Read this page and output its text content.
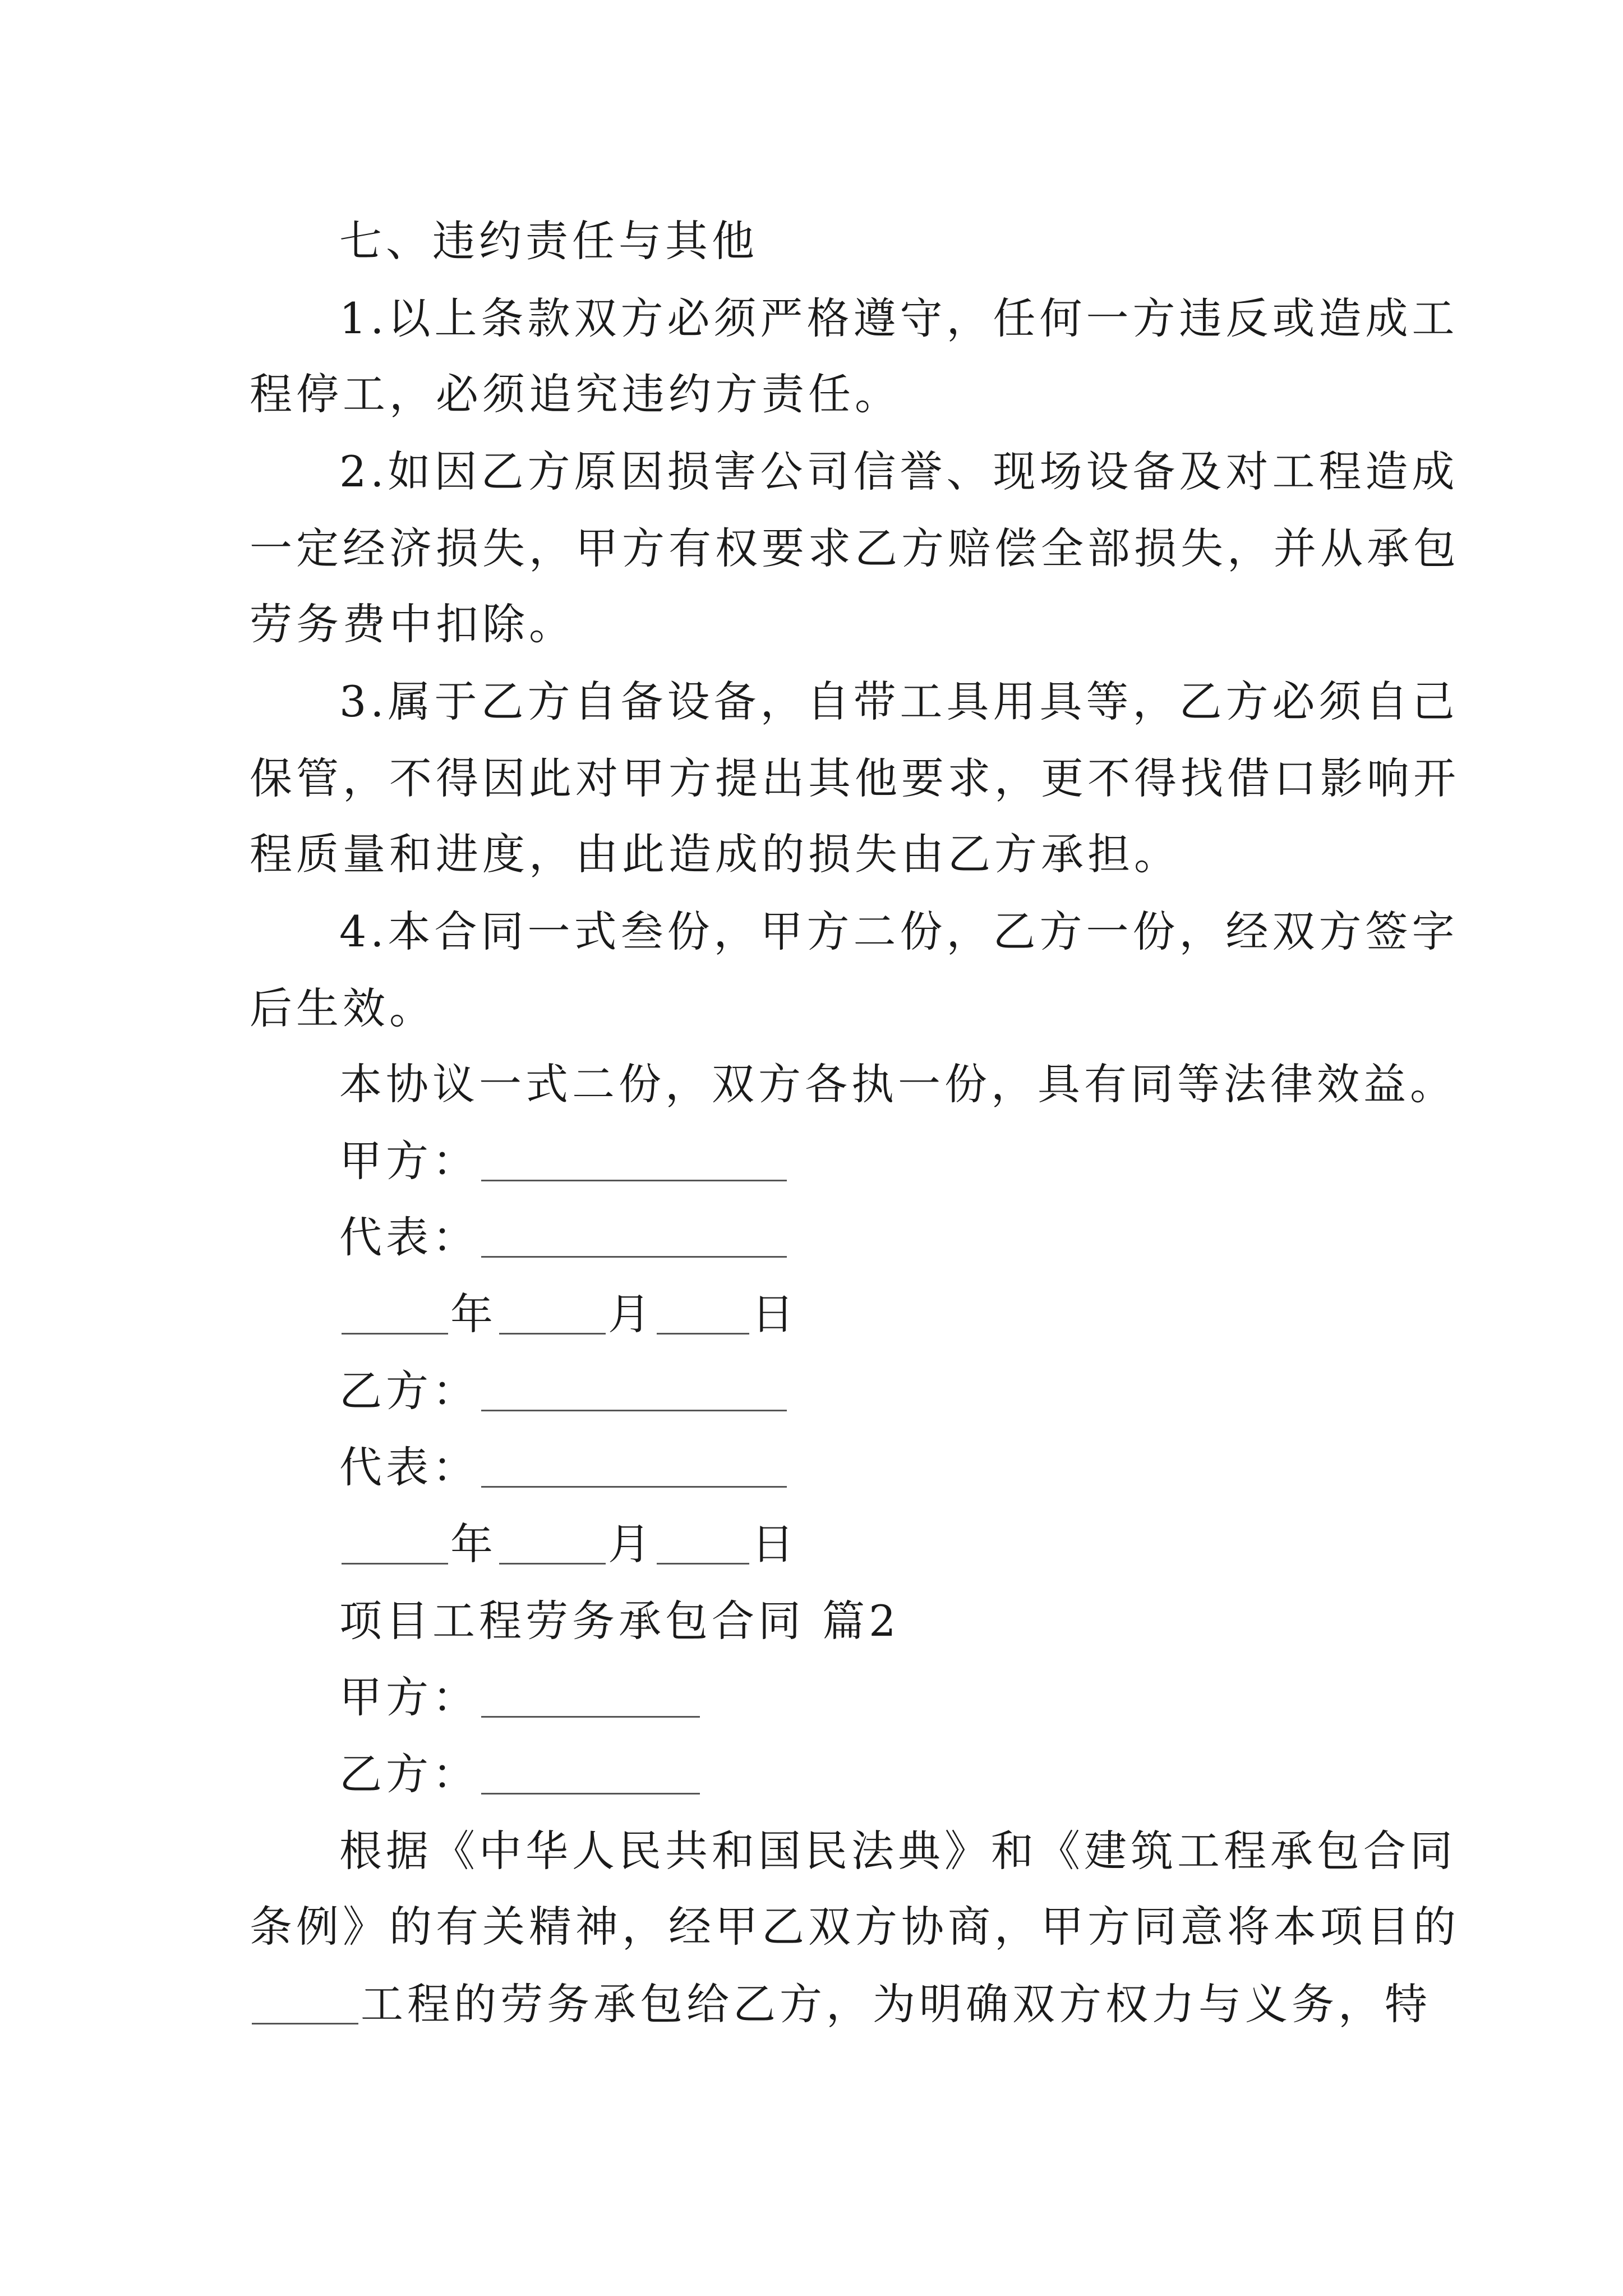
七、违约责任与其他
1.以上条款双方必须严格遵守，任何一方违反或造成工
程停工，必须追究违约方责任。
2.如因乙方原因损害公司信誉、现场设备及对工程造成
一定经济损失，甲方有权要求乙方赔偿全部损失，并从承包
劳务费中扣除。
3.属于乙方自备设备，自带工具用具等，乙方必须自己
保管，不得因此对甲方提出其他要求，更不得找借口影响开
程质量和进度，由此造成的损失由乙方承担。
4.本合同一式叁份，甲方二份，乙方一份，经双方签字
后生效。
本协议一式二份，双方各执一份，具有同等法律效益。
甲方：
代表：
年	月 日
乙方：
代表：
年	月 日
项目工程劳务承包合同 篇2
甲方：
乙方：
根据《中华人民共和国民法典》和《建筑工程承包合同
条例》的有关精神，经甲乙双方协商，甲方同意将本项目的
工程的劳务承包给乙方，为明确双方权力与义务，特
